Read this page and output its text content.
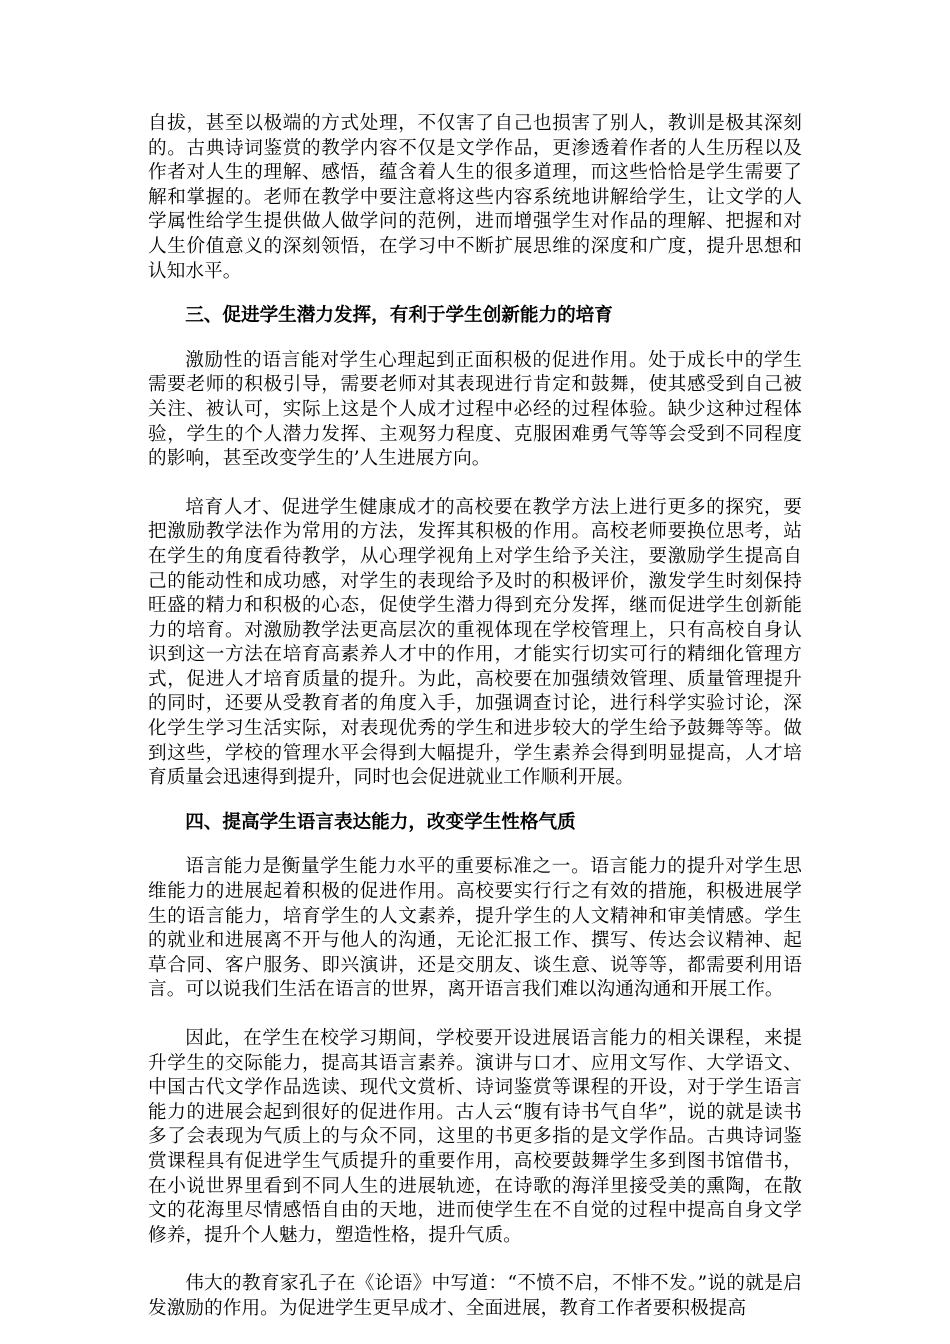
自拔，甚至以极端的方式处理，不仅害了自己也损害了别人，教训是极其深刻的。古典诗词鉴赏的教学内容不仅是文学作品，更渗透着作者的人生历程以及作者对人生的理解、感悟，蕴含着人生的很多道理，而这些恰恰是学生需要了解和掌握的。老师在教学中要注意将这些内容系统地讲解给学生，让文学的人学属性给学生提供做人做学问的范例，进而增强学生对作品的理解、把握和对人生价值意义的深刻领悟，在学习中不断扩展思维的深度和广度，提升思想和认知水平。

三、促进学生潜力发挥，有利于学生创新能力的培育

激励性的语言能对学生心理起到正面积极的促进作用。处于成长中的学生需要老师的积极引导，需要老师对其表现进行肯定和鼓舞，使其感受到自己被关注、被认可，实际上这是个人成才过程中必经的过程体验。缺少这种过程体验，学生的个人潜力发挥、主观努力程度、克服困难勇气等等会受到不同程度的影响，甚至改变学生的’人生进展方向。

培育人才、促进学生健康成才的高校要在教学方法上进行更多的探究，要把激励教学法作为常用的方法，发挥其积极的作用。高校老师要换位思考，站在学生的角度看待教学，从心理学视角上对学生给予关注，要激励学生提高自己的能动性和成功感，对学生的表现给予及时的积极评价，激发学生时刻保持旺盛的精力和积极的心态，促使学生潜力得到充分发挥，继而促进学生创新能力的培育。对激励教学法更高层次的重视体现在学校管理上，只有高校自身认识到这一方法在培育高素养人才中的作用，才能实行切实可行的精细化管理方式，促进人才培育质量的提升。为此，高校要在加强绩效管理、质量管理提升的同时，还要从受教育者的角度入手，加强调查讨论，进行科学实验讨论，深化学生学习生活实际，对表现优秀的学生和进步较大的学生给予鼓舞等等。做到这些，学校的管理水平会得到大幅提升，学生素养会得到明显提高，人才培育质量会迅速得到提升，同时也会促进就业工作顺利开展。

四、提高学生语言表达能力，改变学生性格气质

语言能力是衡量学生能力水平的重要标准之一。语言能力的提升对学生思维能力的进展起着积极的促进作用。高校要实行行之有效的措施，积极进展学生的语言能力，培育学生的人文素养，提升学生的人文精神和审美情感。学生的就业和进展离不开与他人的沟通，无论汇报工作、撰写、传达会议精神、起草合同、客户服务、即兴演讲，还是交朋友、谈生意、说等等，都需要利用语言。可以说我们生活在语言的世界，离开语言我们难以沟通沟通和开展工作。

因此，在学生在校学习期间，学校要开设进展语言能力的相关课程，来提升学生的交际能力，提高其语言素养。演讲与口才、应用文写作、大学语文、中国古代文学作品选读、现代文赏析、诗词鉴赏等课程的开设，对于学生语言能力的进展会起到很好的促进作用。古人云“腹有诗书气自华”，说的就是读书多了会表现为气质上的与众不同，这里的书更多指的是文学作品。古典诗词鉴赏课程具有促进学生气质提升的重要作用，高校要鼓舞学生多到图书馆借书，在小说世界里看到不同人生的进展轨迹，在诗歌的海洋里接受美的熏陶，在散文的花海里尽情感悟自由的天地，进而使学生在不自觉的过程中提高自身文学修养，提升个人魅力，塑造性格，提升气质。

伟大的教育家孔子在《论语》中写道：“不愤不启，不悱不发。”说的就是启发激励的作用。为促进学生更早成才、全面进展，教育工作者要积极提高
